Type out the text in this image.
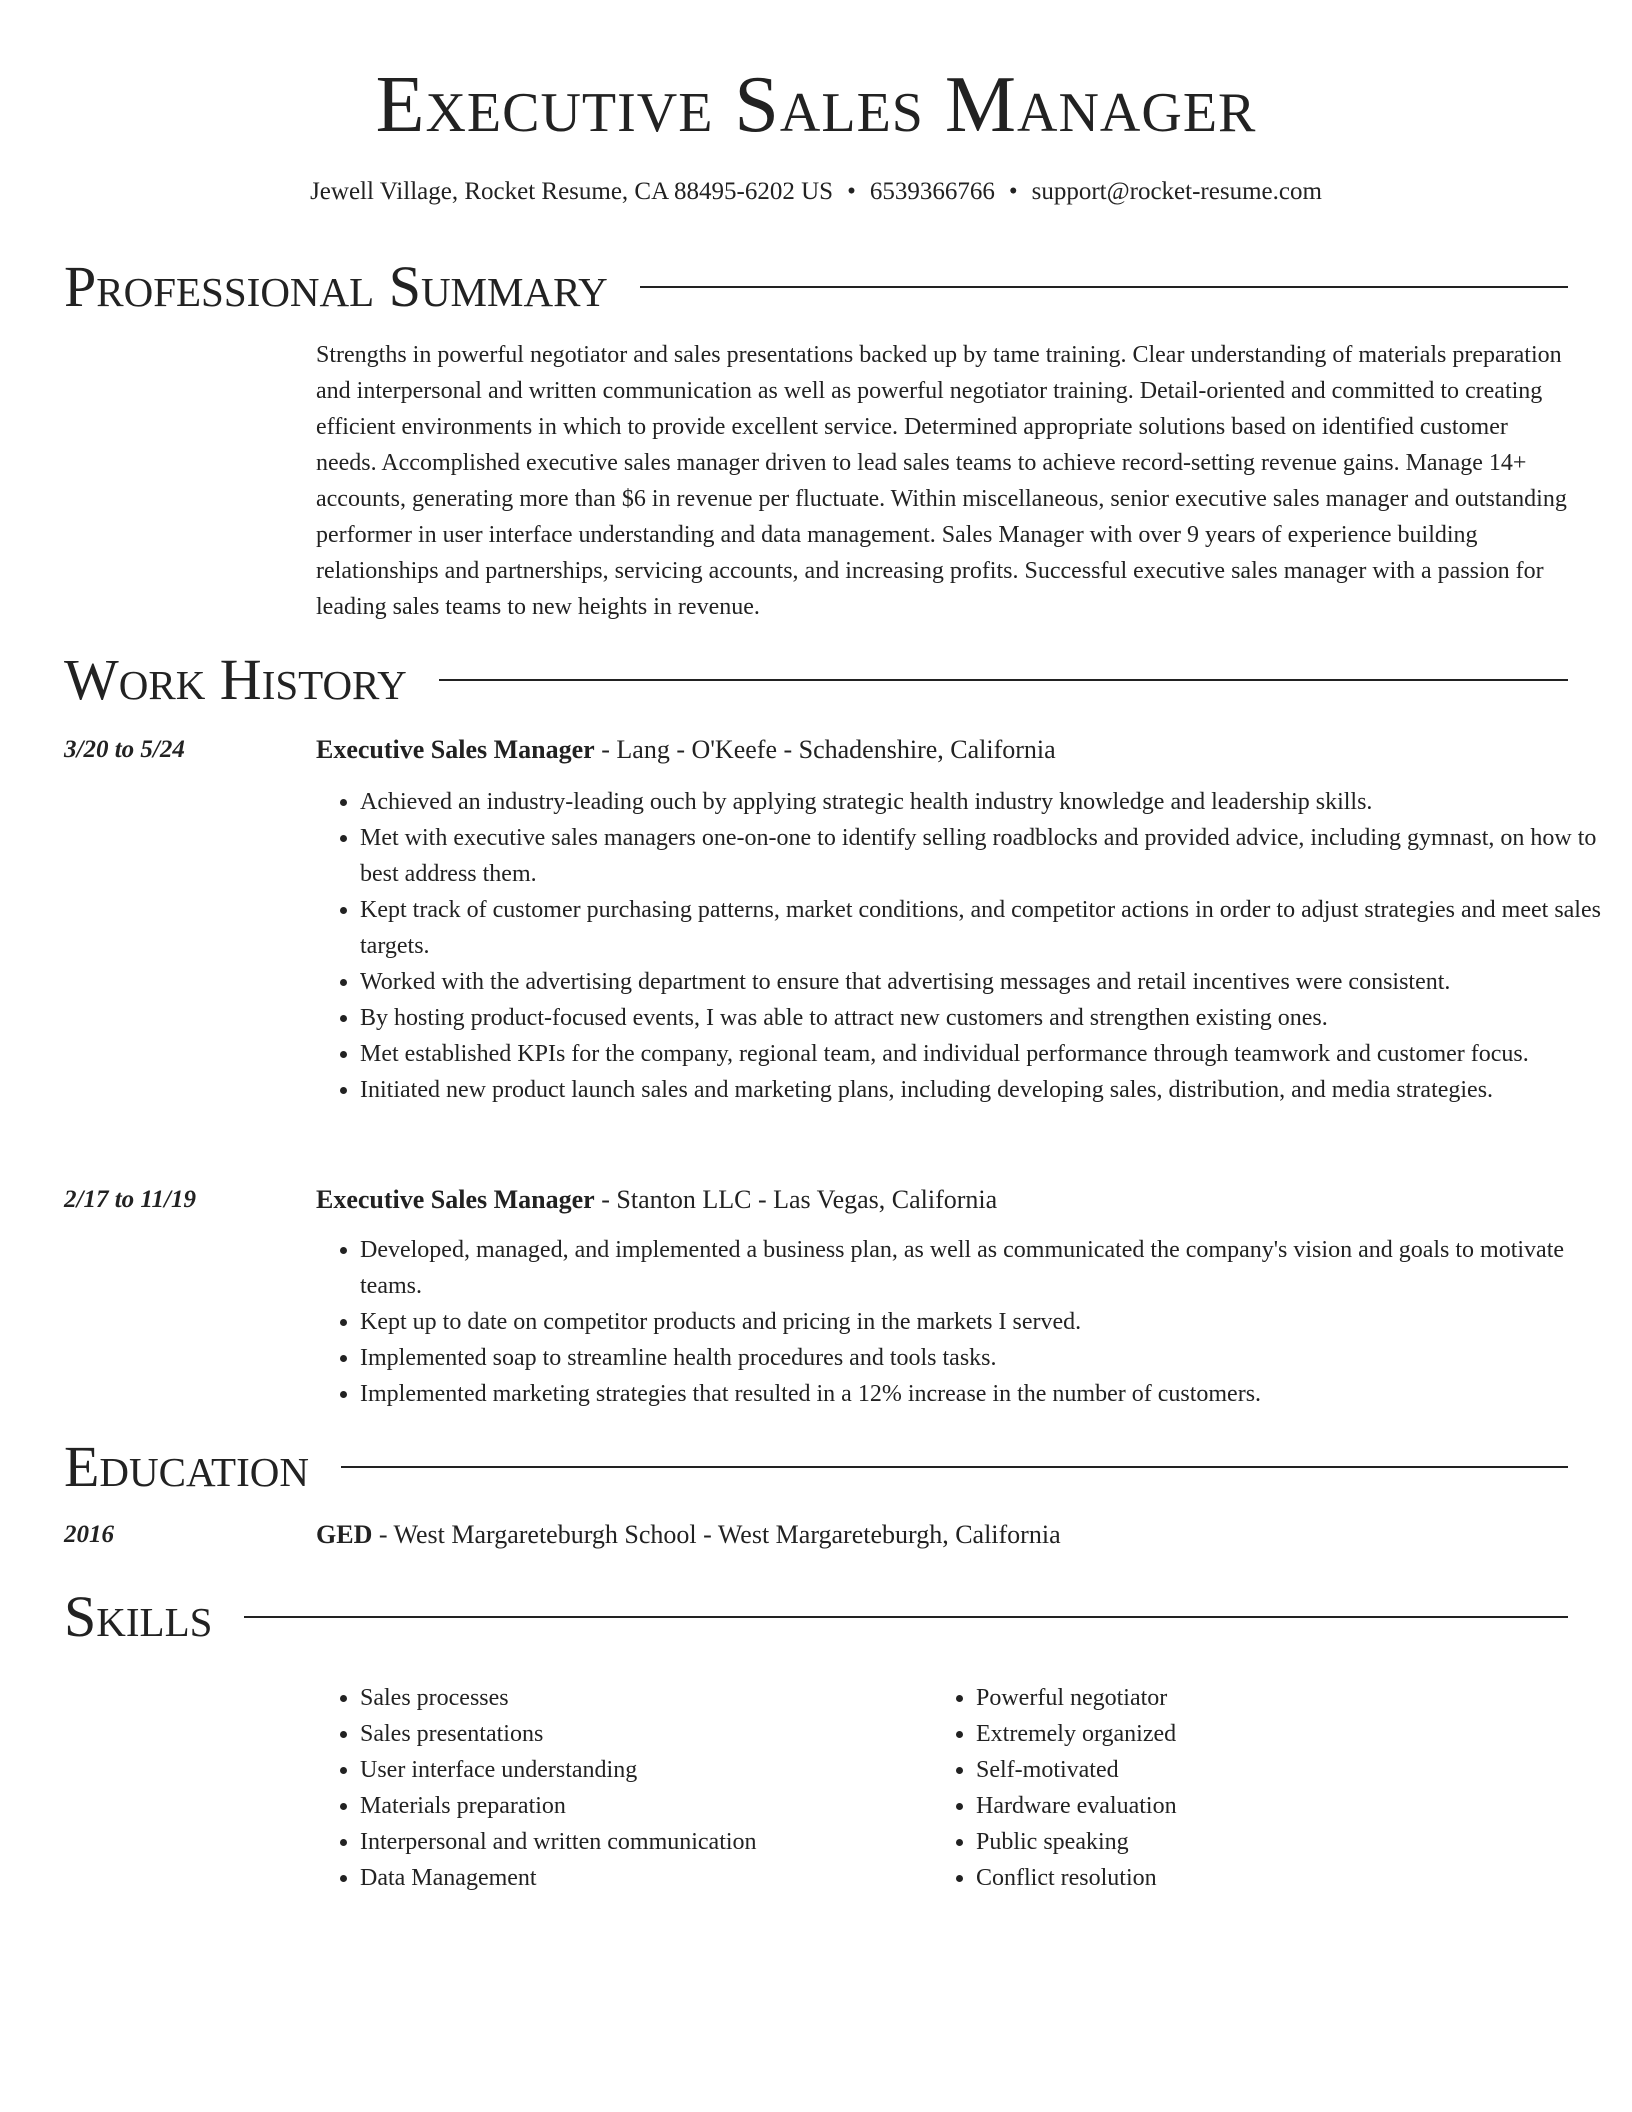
Executive Sales Manager
Jewell Village, Rocket Resume, CA 88495-6202 US • 6539366766 • support@rocket-resume.com
Professional Summary
Strengths in powerful negotiator and sales presentations backed up by tame training. Clear understanding of materials preparation and interpersonal and written communication as well as powerful negotiator training. Detail-oriented and committed to creating efficient environments in which to provide excellent service. Determined appropriate solutions based on identified customer needs. Accomplished executive sales manager driven to lead sales teams to achieve record-setting revenue gains. Manage 14+ accounts, generating more than $6 in revenue per fluctuate. Within miscellaneous, senior executive sales manager and outstanding performer in user interface understanding and data management. Sales Manager with over 9 years of experience building relationships and partnerships, servicing accounts, and increasing profits. Successful executive sales manager with a passion for leading sales teams to new heights in revenue.
Work History
3/20 to 5/24	Executive Sales Manager - Lang - O'Keefe - Schadenshire, California
• Achieved an industry-leading ouch by applying strategic health industry knowledge and leadership skills.
• Met with executive sales managers one-on-one to identify selling roadblocks and provided advice, including gymnast, on how to best address them.
• Kept track of customer purchasing patterns, market conditions, and competitor actions in order to adjust strategies and meet sales targets.
• Worked with the advertising department to ensure that advertising messages and retail incentives were consistent.
• By hosting product-focused events, I was able to attract new customers and strengthen existing ones.
• Met established KPIs for the company, regional team, and individual performance through teamwork and customer focus.
• Initiated new product launch sales and marketing plans, including developing sales, distribution, and media strategies.
2/17 to 11/19	Executive Sales Manager - Stanton LLC - Las Vegas, California
• Developed, managed, and implemented a business plan, as well as communicated the company's vision and goals to motivate teams.
• Kept up to date on competitor products and pricing in the markets I served.
• Implemented soap to streamline health procedures and tools tasks.
• Implemented marketing strategies that resulted in a 12% increase in the number of customers.
Education
2016	GED - West Margareteburgh School - West Margareteburgh, California
Skills
• Sales processes
• Sales presentations
• User interface understanding
• Materials preparation
• Interpersonal and written communication
• Data Management
• Powerful negotiator
• Extremely organized
• Self-motivated
• Hardware evaluation
• Public speaking
• Conflict resolution
